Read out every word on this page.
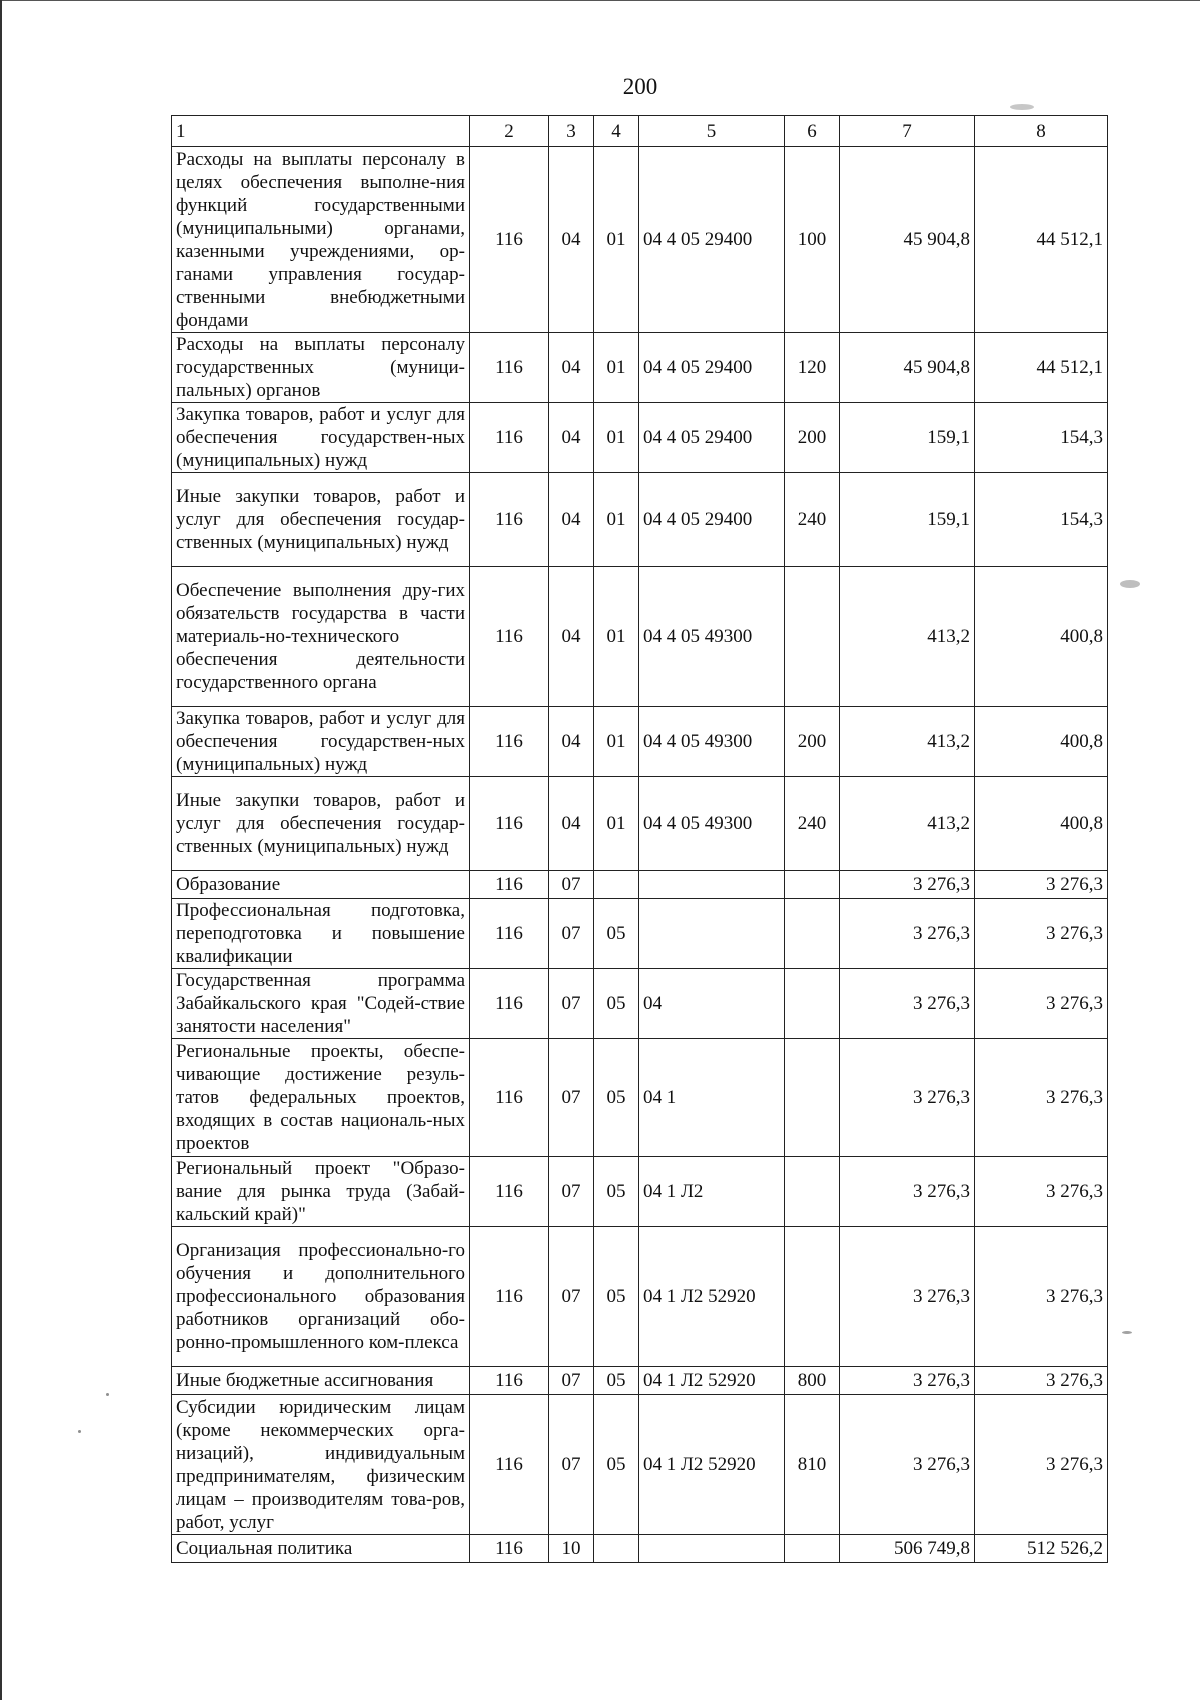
200
1	2	3	4	5	6	7	8
Расходы на выплаты персоналу в целях обеспечения выполне-ния функций государственными (муниципальными) органами, казенными учреждениями, ор-ганами управления государ-ственными внебюджетными фондами	116	04	01	04 4 05 29400	100	45 904,8	44 512,1
Расходы на выплаты персоналу государственных (муници-пальных) органов	116	04	01	04 4 05 29400	120	45 904,8	44 512,1
Закупка товаров, работ и услуг для обеспечения государствен-ных (муниципальных) нужд	116	04	01	04 4 05 29400	200	159,1	154,3
Иные закупки товаров, работ и услуг для обеспечения государ-ственных (муниципальных) нужд	116	04	01	04 4 05 29400	240	159,1	154,3
Обеспечение выполнения дру-гих обязательств государства в части материаль-но-технического обеспечения деятельности государственного органа	116	04	01	04 4 05 49300		413,2	400,8
Закупка товаров, работ и услуг для обеспечения государствен-ных (муниципальных) нужд	116	04	01	04 4 05 49300	200	413,2	400,8
Иные закупки товаров, работ и услуг для обеспечения государ-ственных (муниципальных) нужд	116	04	01	04 4 05 49300	240	413,2	400,8
Образование	116	07				3 276,3	3 276,3
Профессиональная подготовка, переподготовка и повышение квалификации	116	07	05			3 276,3	3 276,3
Государственная программа Забайкальского края "Содей-ствие занятости населения"	116	07	05	04		3 276,3	3 276,3
Региональные проекты, обеспе-чивающие достижение резуль-татов федеральных проектов, входящих в состав националь-ных проектов	116	07	05	04 1		3 276,3	3 276,3
Региональный проект "Образо-вание для рынка труда (Забай-кальский край)"	116	07	05	04 1 Л2		3 276,3	3 276,3
Организация профессионально-го обучения и дополнительного профессионального образования работников организаций обо-ронно-промышленного ком-плекса	116	07	05	04 1 Л2 52920		3 276,3	3 276,3
Иные бюджетные ассигнования	116	07	05	04 1 Л2 52920	800	3 276,3	3 276,3
Субсидии юридическим лицам (кроме некоммерческих орга-низаций), индивидуальным предпринимателям, физическим лицам – производителям това-ров, работ, услуг	116	07	05	04 1 Л2 52920	810	3 276,3	3 276,3
Социальная политика	116	10				506 749,8	512 526,2
